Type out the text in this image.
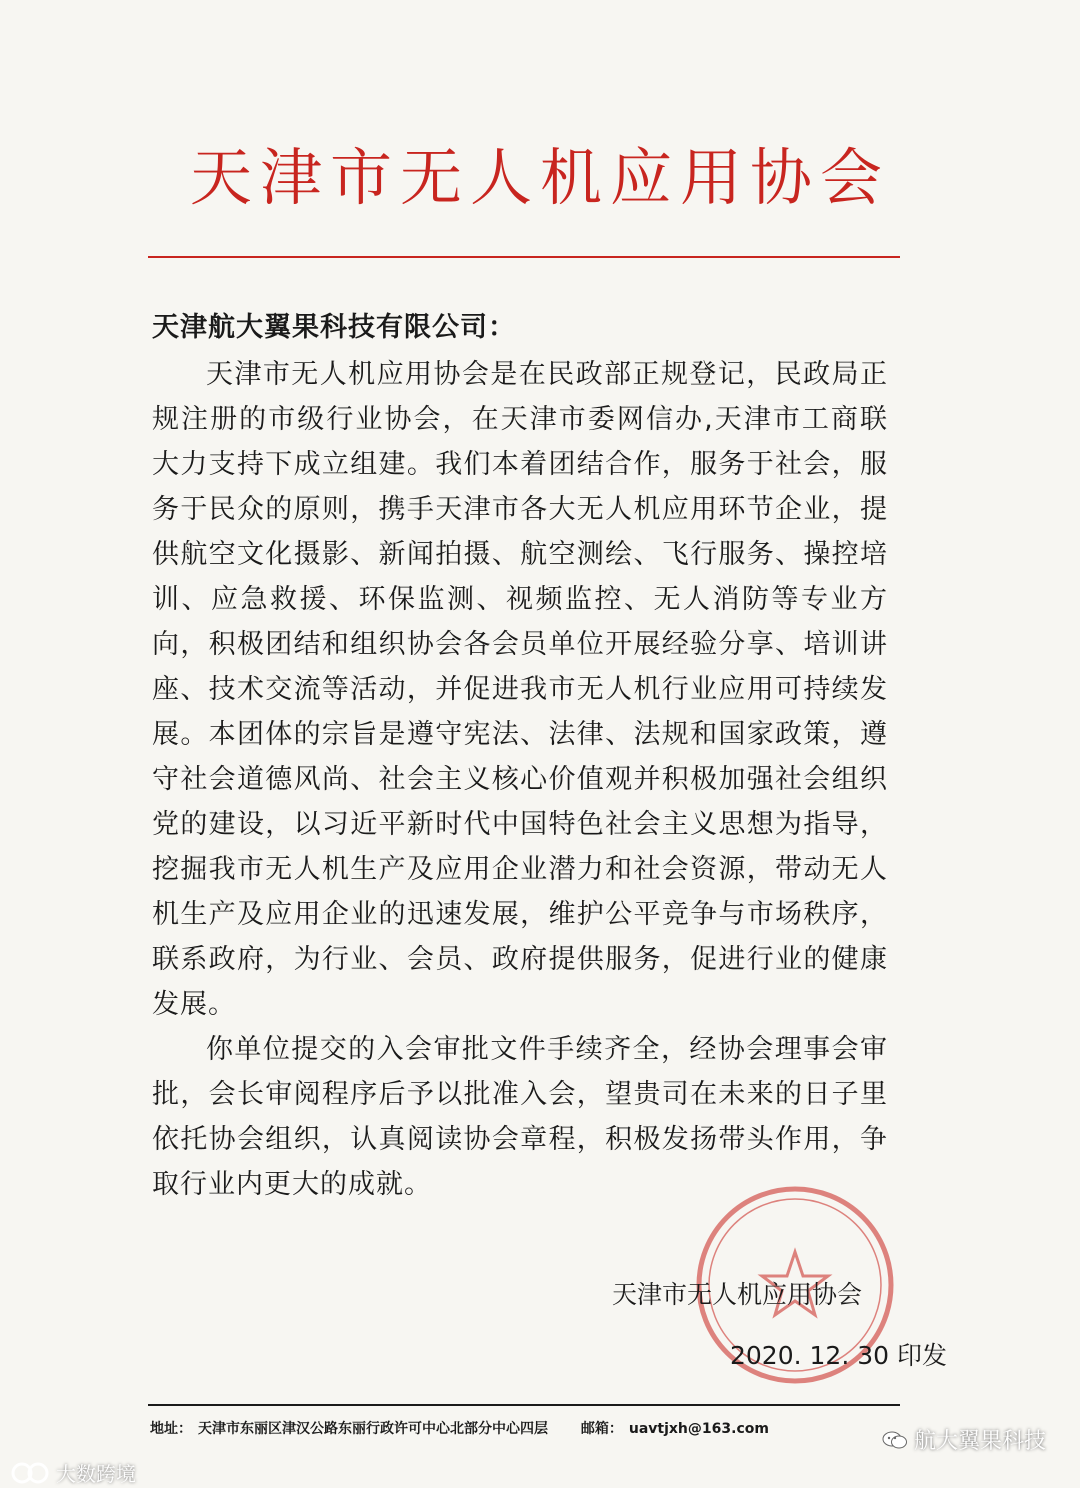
天津市无人机应用协会
天津航大翼果科技有限公司：

天津市无人机应用协会是在民政部正规登记，民政局正规注册的市级行业协会，在天津市委网信办,天津市工商联大力支持下成立组建。我们本着团结合作，服务于社会，服务于民众的原则，携手天津市各大无人机应用环节企业，提供航空文化摄影、新闻拍摄、航空测绘、飞行服务、操控培训、应急救援、环保监测、视频监控、无人消防等专业方向，积极团结和组织协会各会员单位开展经验分享、培训讲座、技术交流等活动，并促进我市无人机行业应用可持续发展。本团体的宗旨是遵守宪法、法律、法规和国家政策，遵守社会道德风尚、社会主义核心价值观并积极加强社会组织党的建设，以习近平新时代中国特色社会主义思想为指导，挖掘我市无人机生产及应用企业潜力和社会资源，带动无人机生产及应用企业的迅速发展，维护公平竞争与市场秩序，联系政府，为行业、会员、政府提供服务，促进行业的健康发展。

你单位提交的入会审批文件手续齐全，经协会理事会审批，会长审阅程序后予以批准入会，望贵司在未来的日子里依托协会组织，认真阅读协会章程，积极发扬带头作用，争取行业内更大的成就。

天津市无人机应用协会
2020. 12. 30 印发
地址： 天津市东丽区津汉公路东丽行政许可中心北部分中心四层 邮箱： uavtjxh@163.com	航大翼果科技
大数跨境
